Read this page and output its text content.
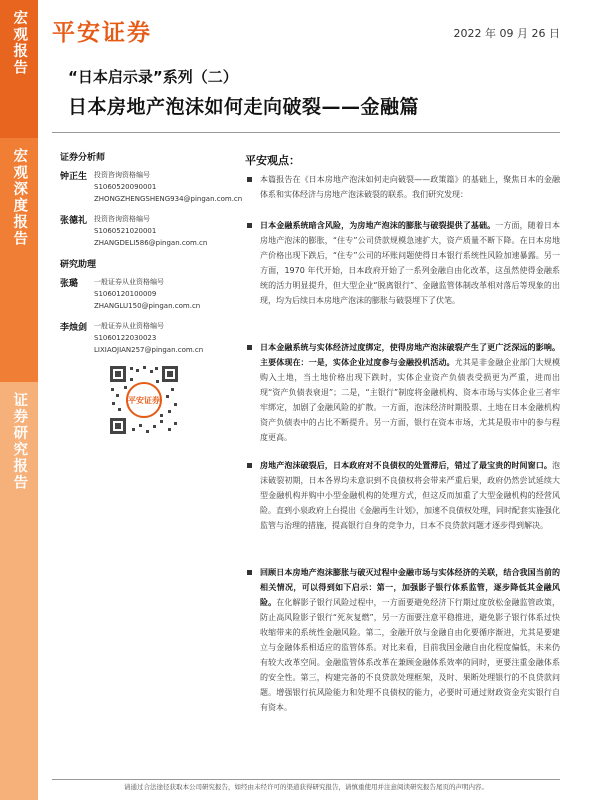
宏观报告
宏观深度报告
证券研究报告
平安证券	2022 年 09 月 26 日
“日本启示录”系列（二）
日本房地产泡沫如何走向破裂——金融篇
证券分析师
钟正生 投资咨询资格编号
S1060520090001
ZHONGZHENGSHENG934@pingan.com.cn
张德礼 投资咨询资格编号
S1060521020001
ZHANGDELI586@pingan.com.cn
研究助理
张璐 一般证券从业资格编号
S1060120100009
ZHANGLU150@pingan.com.cn
李烛剑 一般证券从业资格编号
S1060122030023
LIXIAOJIAN257@pingan.com.cn
平安证券
平安观点：
本篇报告在《日本房地产泡沫如何走向破裂——政策篇》的基础上，聚焦日本的金融体系和实体经济与房地产泡沫破裂的联系。我们研究发现：
日本金融系统暗含风险，为房地产泡沫的膨胀与破裂提供了基础。一方面，随着日本房地产泡沫的膨胀，“住专”公司贷款规模急速扩大，资产质量不断下降。在日本房地产价格出现下跌后，“住专”公司的坏账问题使得日本银行系统性风险加速暴露。另一方面，1970 年代开始，日本政府开始了一系列金融自由化改革，这虽然使得金融系统的活力明显提升，但大型企业“脱离银行”、金融监管体制改革相对落后等现象的出现，均为后续日本房地产泡沫的膨胀与破裂埋下了伏笔。
日本金融系统与实体经济过度绑定，使得房地产泡沫破裂产生了更广泛深远的影响。主要体现在：一是，实体企业过度参与金融投机活动。尤其是非金融企业部门大规模购入土地，当土地价格出现下跌时，实体企业资产负债表受损更为严重，进而出现“资产负债表衰退”；二是，“主银行”制度将金融机构、资本市场与实体企业三者牢牢绑定，加剧了金融风险的扩散。一方面，泡沫经济时期股票、土地在日本金融机构资产负债表中的占比不断提升。另一方面，银行在资本市场，尤其是股市中的参与程度更高。
房地产泡沫破裂后，日本政府对不良债权的处置滞后，错过了最宝贵的时间窗口。泡沫破裂初期，日本各界均未意识到不良债权将会带来严重后果，政府仍然尝试延续大型金融机构并购中小型金融机构的处理方式，但这反而加重了大型金融机构的经营风险。直到小泉政府上台提出《金融再生计划》，加速不良债权处理，同时配套实施强化监管与治理的措施，提高银行自身的竞争力，日本不良贷款问题才逐步得到解决。
回顾日本房地产泡沫膨胀与破灭过程中金融市场与实体经济的关联，结合我国当前的相关情况，可以得到如下启示：第一，加强影子银行体系监管，逐步降低其金融风险。在化解影子银行风险过程中，一方面要避免经济下行期过度放松金融监管政策，防止高风险影子银行“死灰复燃”，另一方面要注意平稳推进，避免影子银行体系过快收缩带来的系统性金融风险。第二，金融开放与金融自由化要循序渐进，尤其是要建立与金融体系相适应的监管体系。对比来看，目前我国金融自由化程度偏低，未来仍有较大改革空间。金融监管体系改革在兼顾金融体系效率的同时，更要注重金融体系的安全性。第三，构建完备的不良贷款处理框架，及时、果断处理银行的不良贷款问题。增强银行抗风险能力和处理不良债权的能力，必要时可通过财政资金充实银行自有资本。
请通过合法途径获取本公司研究报告，如经由未经许可的渠道获得研究报告，请慎重使用并注意阅读研究报告尾页的声明内容。
